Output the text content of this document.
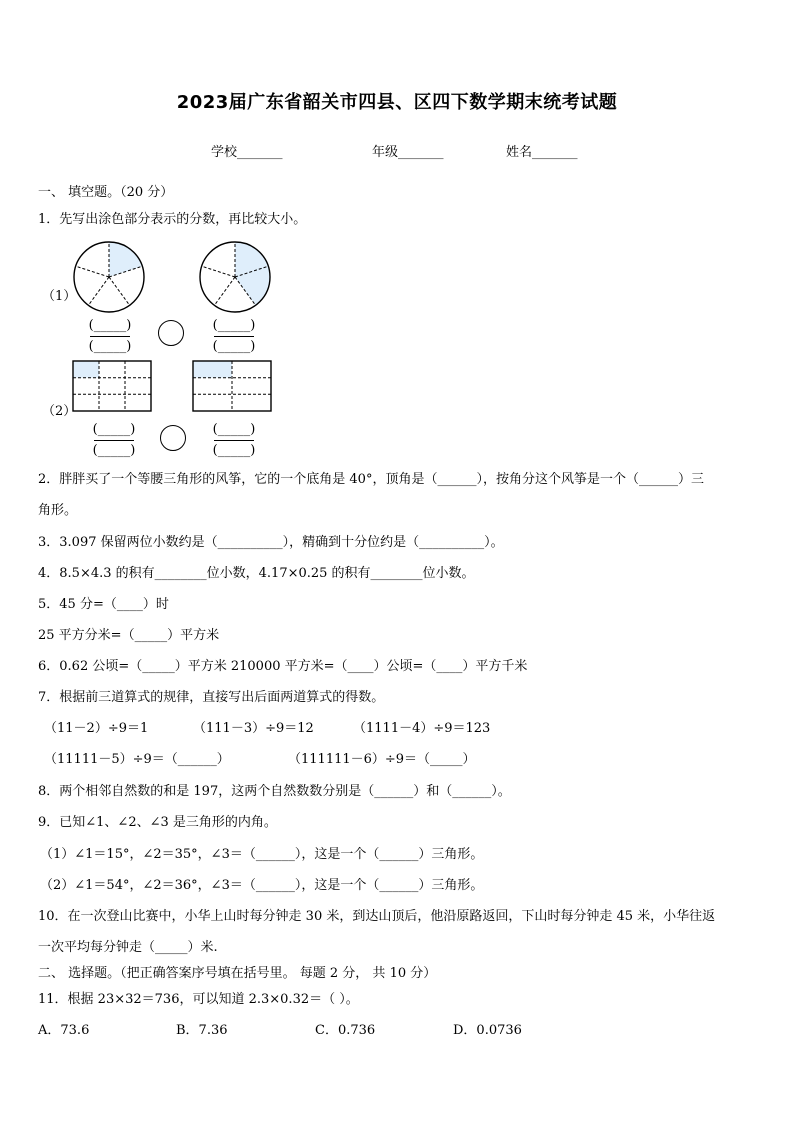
2023届广东省韶关市四县、区四下数学期末统考试题
学校_______	年级_______	姓名_______
一、 填空题。（20 分）
1．先写出涂色部分表示的分数，再比较大小。
（1）
(_____)
(_____)
(_____)
(_____)
（2）
(_____)
(_____)
(_____)
(_____)
2．胖胖买了一个等腰三角形的风筝，它的一个底角是 40°，顶角是（______），按角分这个风筝是一个（______）三
角形。
3．3.097 保留两位小数约是（__________），精确到十分位约是（__________）。
4．8.5×4.3 的积有________位小数，4.17×0.25 的积有________位小数。
5．45 分=（____）时
25 平方分米=（_____）平方米
6．0.62 公顷=（_____）平方米 210000 平方米=（____）公顷=（____）平方千米
7．根据前三道算式的规律，直接写出后面两道算式的得数。
（11－2）÷9＝1	（111－3）÷9＝12	（1111－4）÷9＝123
（11111－5）÷9＝（______）	（111111－6）÷9＝（_____）
8．两个相邻自然数的和是 197，这两个自然数数分别是（______）和（______）。
9．已知∠1、∠2、∠3 是三角形的内角。
（1）∠1＝15°，∠2＝35°，∠3＝（______），这是一个（______）三角形。
（2）∠1＝54°，∠2＝36°，∠3＝（______），这是一个（______）三角形。
10．在一次登山比赛中，小华上山时每分钟走 30 米，到达山顶后，他沿原路返回，下山时每分钟走 45 米，小华往返
一次平均每分钟走（_____）米.
二、 选择题。（把正确答案序号填在括号里。 每题 2 分， 共 10 分）
11．根据 23×32＝736，可以知道 2.3×0.32＝（ ）。
A．73.6	B．7.36	C．0.736	D．0.0736
